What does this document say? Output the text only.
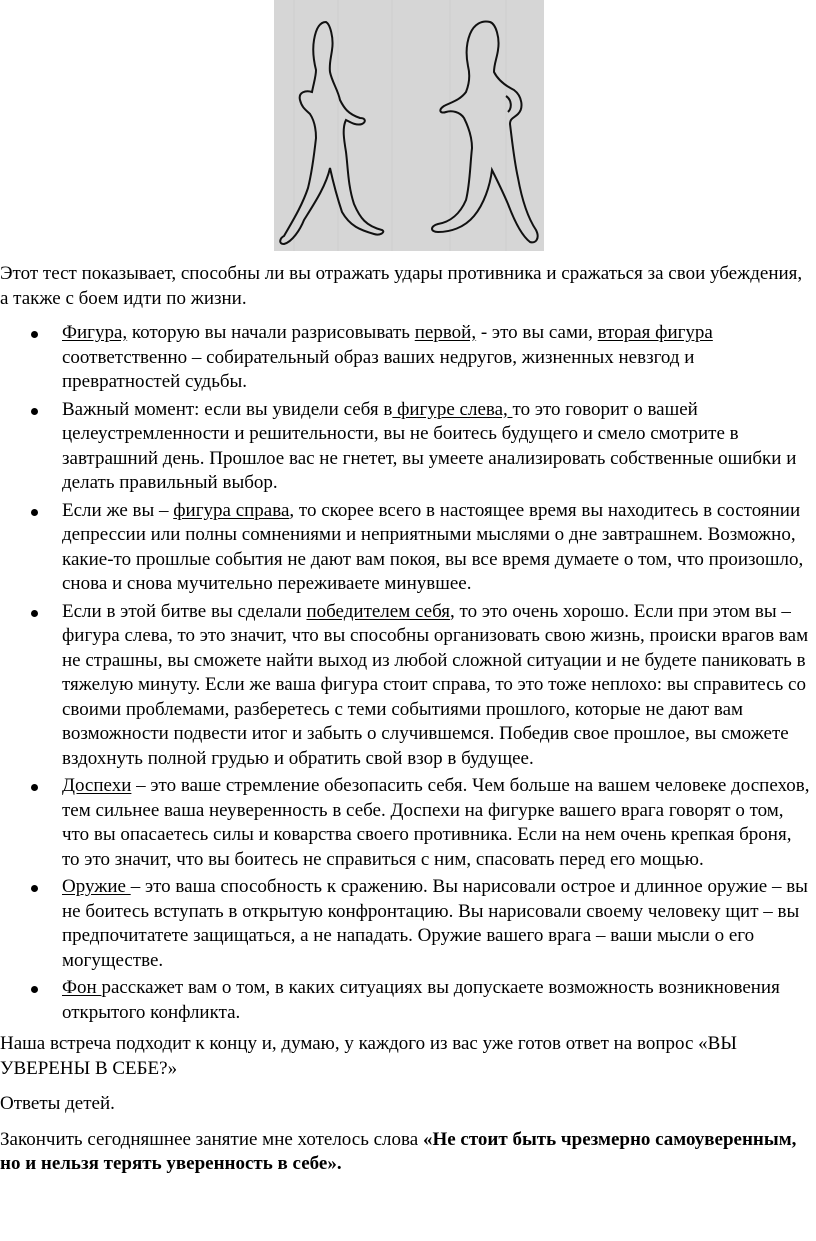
Этот тест показывает, способны ли вы отражать удары противника и сражаться за свои убеждения, а также с боем идти по жизни.

Фигура, которую вы начали разрисовывать первой, - это вы сами, вторая фигура соответственно – собирательный образ ваших недругов, жизненных невзгод и превратностей судьбы.
Важный момент: если вы увидели себя в фигуре слева, то это говорит о вашей целеустремленности и решительности, вы не боитесь будущего и смело смотрите в завтрашний день. Прошлое вас не гнетет, вы умеете анализировать собственные ошибки и делать правильный выбор.
Если же вы – фигура справа, то скорее всего в настоящее время вы находитесь в состоянии депрессии или полны сомнениями и неприятными мыслями о дне завтрашнем. Возможно, какие-то прошлые события не дают вам покоя, вы все время думаете о том, что произошло, снова и снова мучительно переживаете минувшее.
Если в этой битве вы сделали победителем себя, то это очень хорошо. Если при этом вы – фигура слева, то это значит, что вы способны организовать свою жизнь, происки врагов вам не страшны, вы сможете найти выход из любой сложной ситуации и не будете паниковать в тяжелую минуту. Если же ваша фигура стоит справа, то это тоже неплохо: вы справитесь со своими проблемами, разберетесь с теми событиями прошлого, которые не дают вам возможности подвести итог и забыть о случившемся. Победив свое прошлое, вы сможете вздохнуть полной грудью и обратить свой взор в будущее.
Доспехи – это ваше стремление обезопасить себя. Чем больше на вашем человеке доспехов, тем сильнее ваша неуверенность в себе. Доспехи на фигурке вашего врага говорят о том, что вы опасаетесь силы и коварства своего противника. Если на нем очень крепкая броня, то это значит, что вы боитесь не справиться с ним, спасовать перед его мощью.
Оружие – это ваша способность к сражению. Вы нарисовали острое и длинное оружие – вы не боитесь вступать в открытую конфронтацию. Вы нарисовали своему человеку щит – вы предпочитатете защищаться, а не нападать. Оружие вашего врага – ваши мысли о его могуществе.
Фон расскажет вам о том, в каких ситуациях вы допускаете возможность возникновения открытого конфликта.

Наша встреча подходит к концу и, думаю, у каждого из вас уже готов ответ на вопрос «ВЫ УВЕРЕНЫ В СЕБЕ?»

Ответы детей.

Закончить сегодняшнее занятие мне хотелось слова «Не стоит быть чрезмерно самоуверенным, но и нельзя терять уверенность в себе».
